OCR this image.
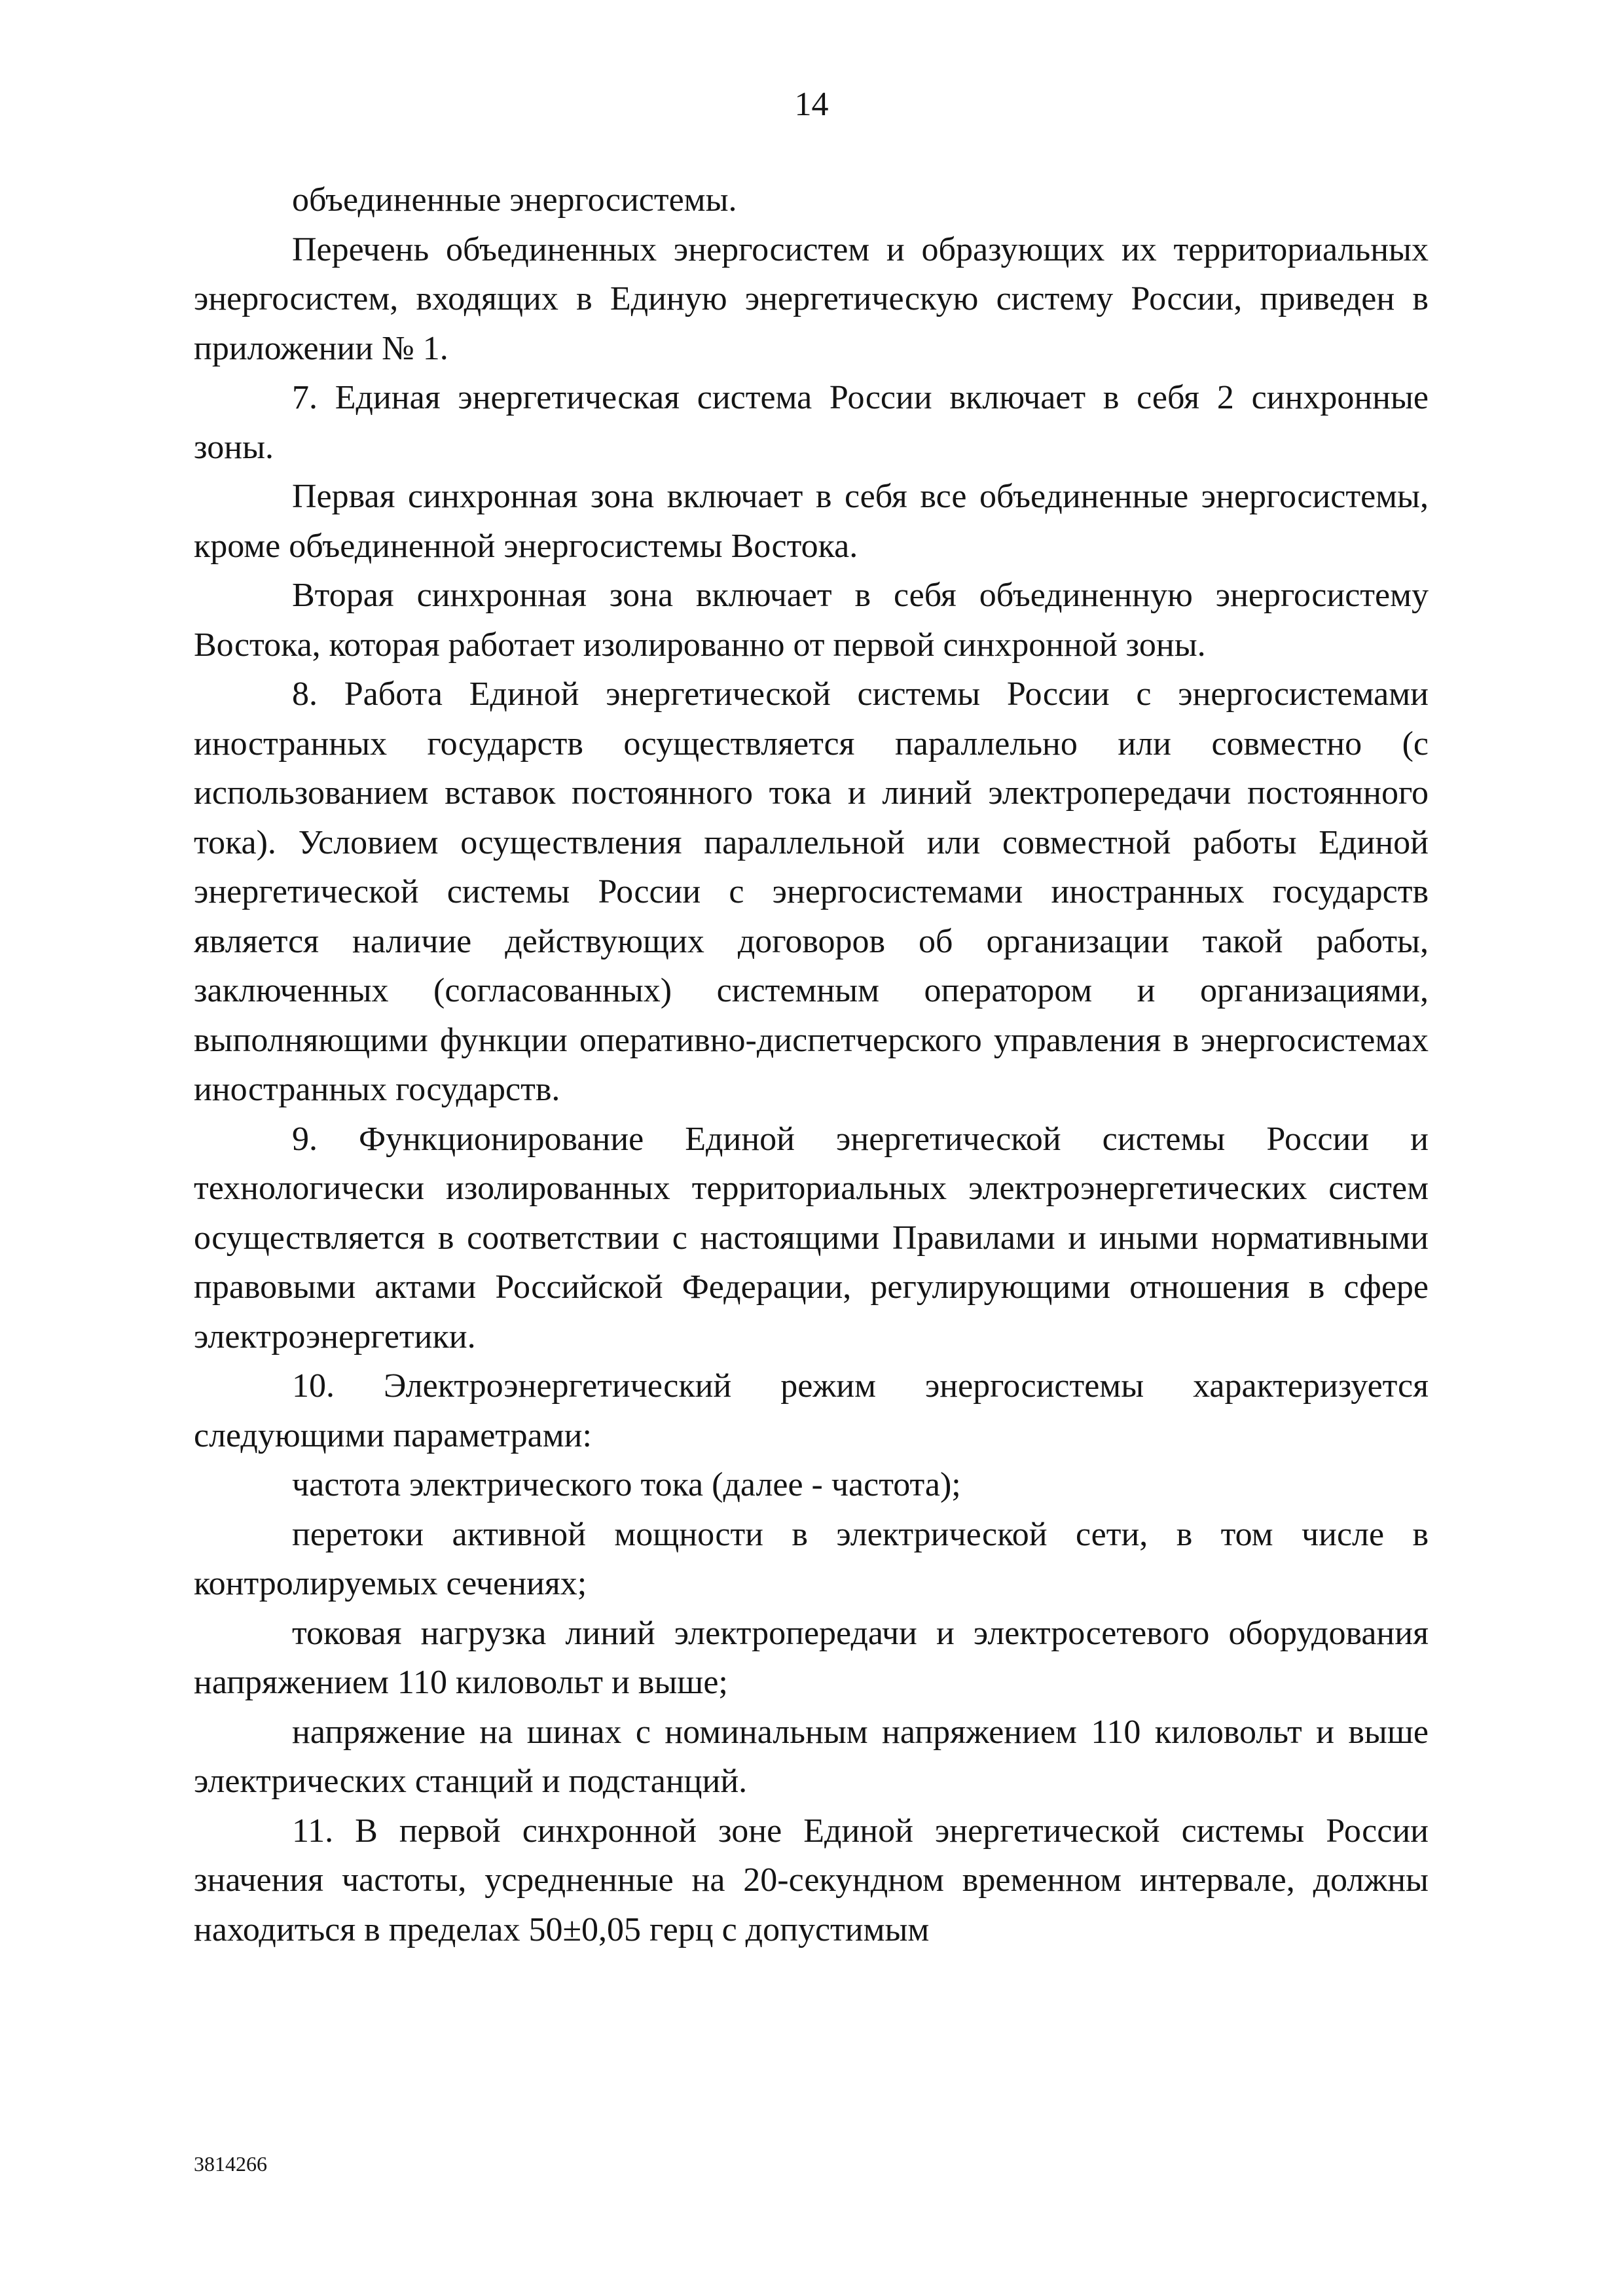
14

объединенные энергосистемы.

Перечень объединенных энергосистем и образующих их территориальных энергосистем, входящих в Единую энергетическую систему России, приведен в приложении № 1.

7. Единая энергетическая система России включает в себя 2 синхронные зоны.

Первая синхронная зона включает в себя все объединенные энергосистемы, кроме объединенной энергосистемы Востока.

Вторая синхронная зона включает в себя объединенную энергосистему Востока, которая работает изолированно от первой синхронной зоны.

8. Работа Единой энергетической системы России с энергосистемами иностранных государств осуществляется параллельно или совместно (с использованием вставок постоянного тока и линий электропередачи постоянного тока). Условием осуществления параллельной или совместной работы Единой энергетической системы России с энергосистемами иностранных государств является наличие действующих договоров об организации такой работы, заключенных (согласованных) системным оператором и организациями, выполняющими функции оперативно-диспетчерского управления в энергосистемах иностранных государств.

9. Функционирование Единой энергетической системы России и технологически изолированных территориальных электроэнергетических систем осуществляется в соответствии с настоящими Правилами и иными нормативными правовыми актами Российской Федерации, регулирующими отношения в сфере электроэнергетики.

10. Электроэнергетический режим энергосистемы характеризуется следующими параметрами:

частота электрического тока (далее - частота);

перетоки активной мощности в электрической сети, в том числе в контролируемых сечениях;

токовая нагрузка линий электропередачи и электросетевого оборудования напряжением 110 киловольт и выше;

напряжение на шинах с номинальным напряжением 110 киловольт и выше электрических станций и подстанций.

11. В первой синхронной зоне Единой энергетической системы России значения частоты, усредненные на 20-секундном временном интервале, должны находиться в пределах 50±0,05 герц с допустимым

3814266
